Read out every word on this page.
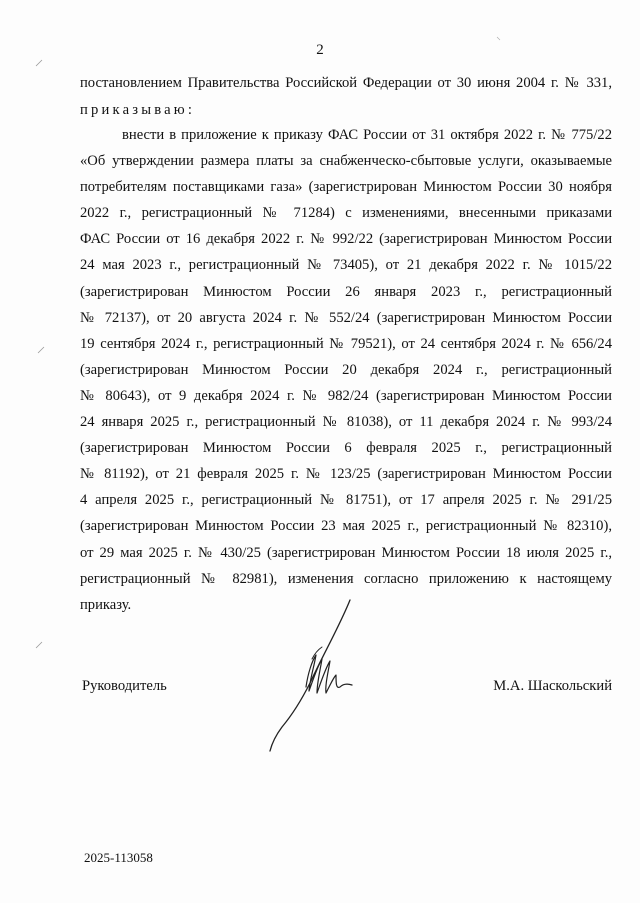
2
постановлением Правительства Российской Федерации от 30 июня 2004 г. № 331,
приказываю:
внести в приложение к приказу ФАС России от 31 октября 2022 г. № 775/22
«Об утверждении размера платы за снабженческо-сбытовые услуги, оказываемые
потребителям поставщиками газа» (зарегистрирован Минюстом России 30 ноября
2022 г., регистрационный № 71284) с изменениями, внесенными приказами
ФАС России от 16 декабря 2022 г. № 992/22 (зарегистрирован Минюстом России
24 мая 2023 г., регистрационный № 73405), от 21 декабря 2022 г. № 1015/22
(зарегистрирован Минюстом России 26 января 2023 г., регистрационный
№ 72137), от 20 августа 2024 г. № 552/24 (зарегистрирован Минюстом России
19 сентября 2024 г., регистрационный № 79521), от 24 сентября 2024 г. № 656/24
(зарегистрирован Минюстом России 20 декабря 2024 г., регистрационный
№ 80643), от 9 декабря 2024 г. № 982/24 (зарегистрирован Минюстом России
24 января 2025 г., регистрационный № 81038), от 11 декабря 2024 г. № 993/24
(зарегистрирован Минюстом России 6 февраля 2025 г., регистрационный
№ 81192), от 21 февраля 2025 г. № 123/25 (зарегистрирован Минюстом России
4 апреля 2025 г., регистрационный № 81751), от 17 апреля 2025 г. № 291/25
(зарегистрирован Минюстом России 23 мая 2025 г., регистрационный № 82310),
от 29 мая 2025 г. № 430/25 (зарегистрирован Минюстом России 18 июля 2025 г.,
регистрационный № 82981), изменения согласно приложению к настоящему
приказу.
Руководитель	М.А. Шаскольский
2025-113058
